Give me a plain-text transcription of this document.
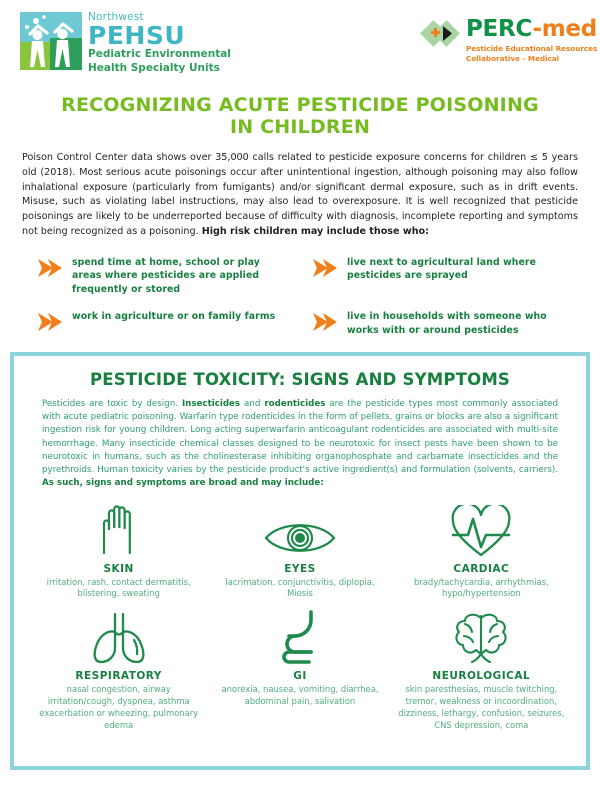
Northwest
PEHSU
Pediatric Environmental
Health Specialty Units
PERC-med
Pesticide Educational Resources
Collaborative - Medical
RECOGNIZING ACUTE PESTICIDE POISONING
IN CHILDREN

Poison Control Center data shows over 35,000 calls related to pesticide exposure concerns for children ≤ 5 years old (2018). Most serious acute poisonings occur after unintentional ingestion, although poisoning may also follow inhalational exposure (particularly from fumigants) and/or significant dermal exposure, such as in drift events. Misuse, such as violating label instructions, may also lead to overexposure. It is well recognized that pesticide poisonings are likely to be underreported because of difficulty with diagnosis, incomplete reporting and symptoms not being recognized as a poisoning. High risk children may include those who:

spend time at home, school or play areas where pesticides are applied frequently or stored
live next to agricultural land where pesticides are sprayed
work in agriculture or on family farms	live in households with someone who works with or around pesticides
PESTICIDE TOXICITY: SIGNS AND SYMPTOMS

Pesticides are toxic by design. Insecticides and rodenticides are the pesticide types most commonly associated with acute pediatric poisoning. Warfarin type rodenticides in the form of pellets, grains or blocks are also a significant ingestion risk for young children. Long acting superwarfarin anticoagulant rodenticides are associated with multi-site hemorrhage. Many insecticide chemical classes designed to be neurotoxic for insect pests have been shown to be neurotoxic in humans, such as the cholinesterase inhibiting organophosphate and carbamate insecticides and the pyrethroids. Human toxicity varies by the pesticide product's active ingredient(s) and formulation (solvents, carriers). As such, signs and symptoms are broad and may include:

SKIN
irritation, rash, contact dermatitis, blistering, sweating
EYES
lacrimation, conjunctivitis, diplopia, Miosis
CARDIAC
brady/tachycardia, arrhythmias, hypo/hypertension
RESPIRATORY
nasal congestion, airway irritation/cough, dyspnea, asthma exacerbation or wheezing, pulmonary edema
GI
anorexia, nausea, vomiting, diarrhea, abdominal pain, salivation
NEUROLOGICAL
skin paresthesias, muscle twitching, tremor, weakness or incoordination, dizziness, lethargy, confusion, seizures, CNS depression, coma
